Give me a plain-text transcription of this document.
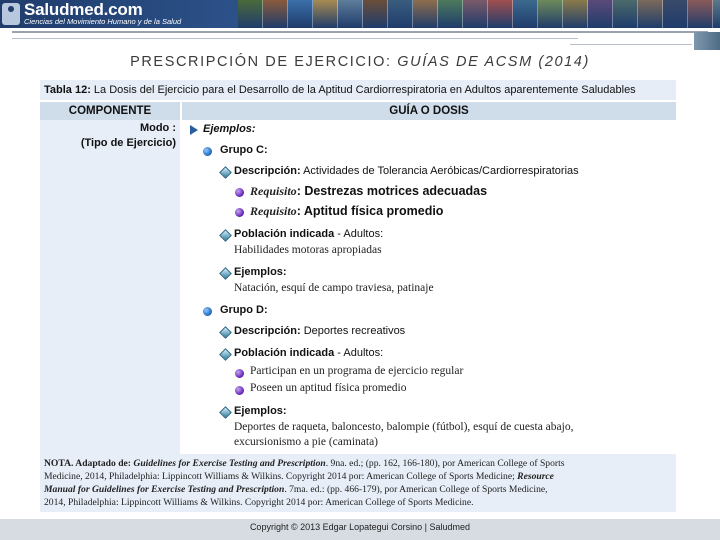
Saludmed.com
Ciencias del Movimiento Humano y de la Salud
PRESCRIPCIÓN DE EJERCICIO: GUÍAS DE ACSM (2014)
Tabla 12: La Dosis del Ejercicio para el Desarrollo de la Aptitud Cardiorrespiratoria en Adultos aparentemente Saludables
COMPONENTE	GUÍA O DOSIS
Modo :
(Tipo de Ejercicio)
Ejemplos:
Grupo C:
Descripción: Actividades de Tolerancia Aeróbicas/Cardiorrespiratorias
Requisito: Destrezas motrices adecuadas
Requisito: Aptitud física promedio
Población indicada - Adultos:
Habilidades motoras apropiadas
Ejemplos:
Natación, esquí de campo traviesa, patinaje
Grupo D:
Descripción: Deportes recreativos
Población indicada - Adultos:
Participan en un programa de ejercicio regular
Poseen un aptitud física promedio
Ejemplos:
Deportes de raqueta, baloncesto, balompie (fútbol), esquí de cuesta abajo,
excursionismo a pie (caminata)
NOTA. Adaptado de: Guidelines for Exercise Testing and Prescription. 9na. ed.; (pp. 162, 166-180), por American College of Sports
Medicine, 2014, Philadelphia: Lippincott Williams & Wilkins. Copyright 2014 por: American College of Sports Medicine; Resource
Manual for Guidelines for Exercise Testing and Prescription. 7ma. ed.: (pp. 466-179), por American College of Sports Medicine,
2014, Philadelphia: Lippincott Williams & Wilkins. Copyright 2014 por: American College of Sports Medicine.
Copyright © 2013 Edgar Lopategui Corsino | Saludmed
